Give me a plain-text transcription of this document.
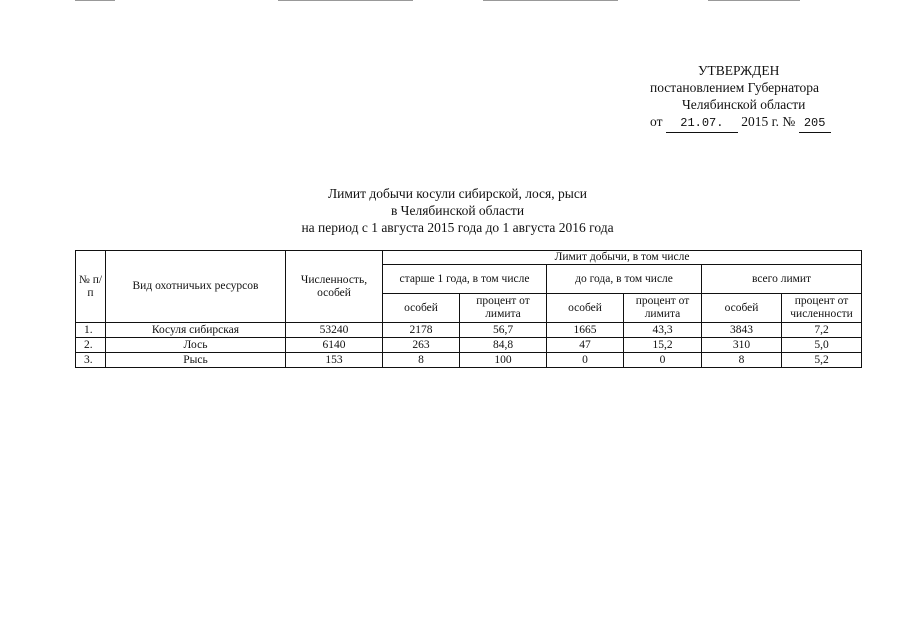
УТВЕРЖДЕН
постановлением Губернатора
Челябинской области
от 21.07. 2015 г. № 205
Лимит добычи косули сибирской, лося, рыси
в Челябинской области
на период с 1 августа 2015 года до 1 августа 2016 года
№ п/п	Вид охотничьих ресурсов	Численность, особей	Лимит добычи, в том числе					
			старше 1 года, в том числе		до года, в том числе		всего лимит	
			особей	процент от лимита	особей	процент от лимита	особей	процент от численности
1.	Косуля сибирская	53240	2178	56,7	1665	43,3	3843	7,2
2.	Лось	6140	263	84,8	47	15,2	310	5,0
3.	Рысь	153	8	100	0	0	8	5,2
